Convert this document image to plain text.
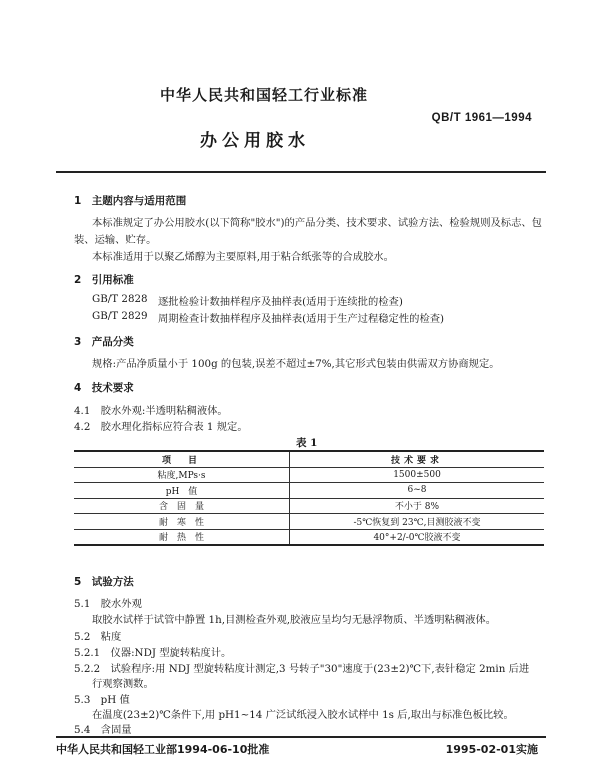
中华人民共和国轻工行业标准
QB/T 1961—1994
办公用胶水
1　主题内容与适用范围
本标准规定了办公用胶水(以下简称"胶水")的产品分类、技术要求、试验方法、检验规则及标志、包
装、运输、贮存。
本标准适用于以聚乙烯醇为主要原料,用于粘合纸张等的合成胶水。
2　引用标准
GB/T 2828 逐批检验计数抽样程序及抽样表(适用于连续批的检查)
GB/T 2829 周期检查计数抽样程序及抽样表(适用于生产过程稳定性的检查)
3　产品分类
规格:产品净质量小于 100g 的包装,误差不超过±7%,其它形式包装由供需双方协商规定。
4　技术要求
4.1　胶水外观:半透明粘稠液体。
4.2　胶水理化指标应符合表 1 规定。
表 1
项　目	技术要求
粘度,MPs·s	1500±500
pH　值	6~8
含　固　量	不小于 8%
耐　寒　性	-5℃恢复到 23℃,目测胶液不变
耐　热　性	40°+2/-0℃胶液不变
5　试验方法
5.1　胶水外观
取胶水试样于试管中静置 1h,目测检查外观,胶液应呈均匀无悬浮物质、半透明粘稠液体。
5.2　粘度
5.2.1　仪器:NDJ 型旋转粘度计。
5.2.2　试验程序:用 NDJ 型旋转粘度计测定,3 号转子"30"速度于(23±2)℃下,表针稳定 2min 后进
行观察测数。
5.3　pH 值
在温度(23±2)℃条件下,用 pH1~14 广泛试纸浸入胶水试样中 1s 后,取出与标准色板比较。
5.4　含固量
中华人民共和国轻工业部1994-06-10批准	1995-02-01实施
